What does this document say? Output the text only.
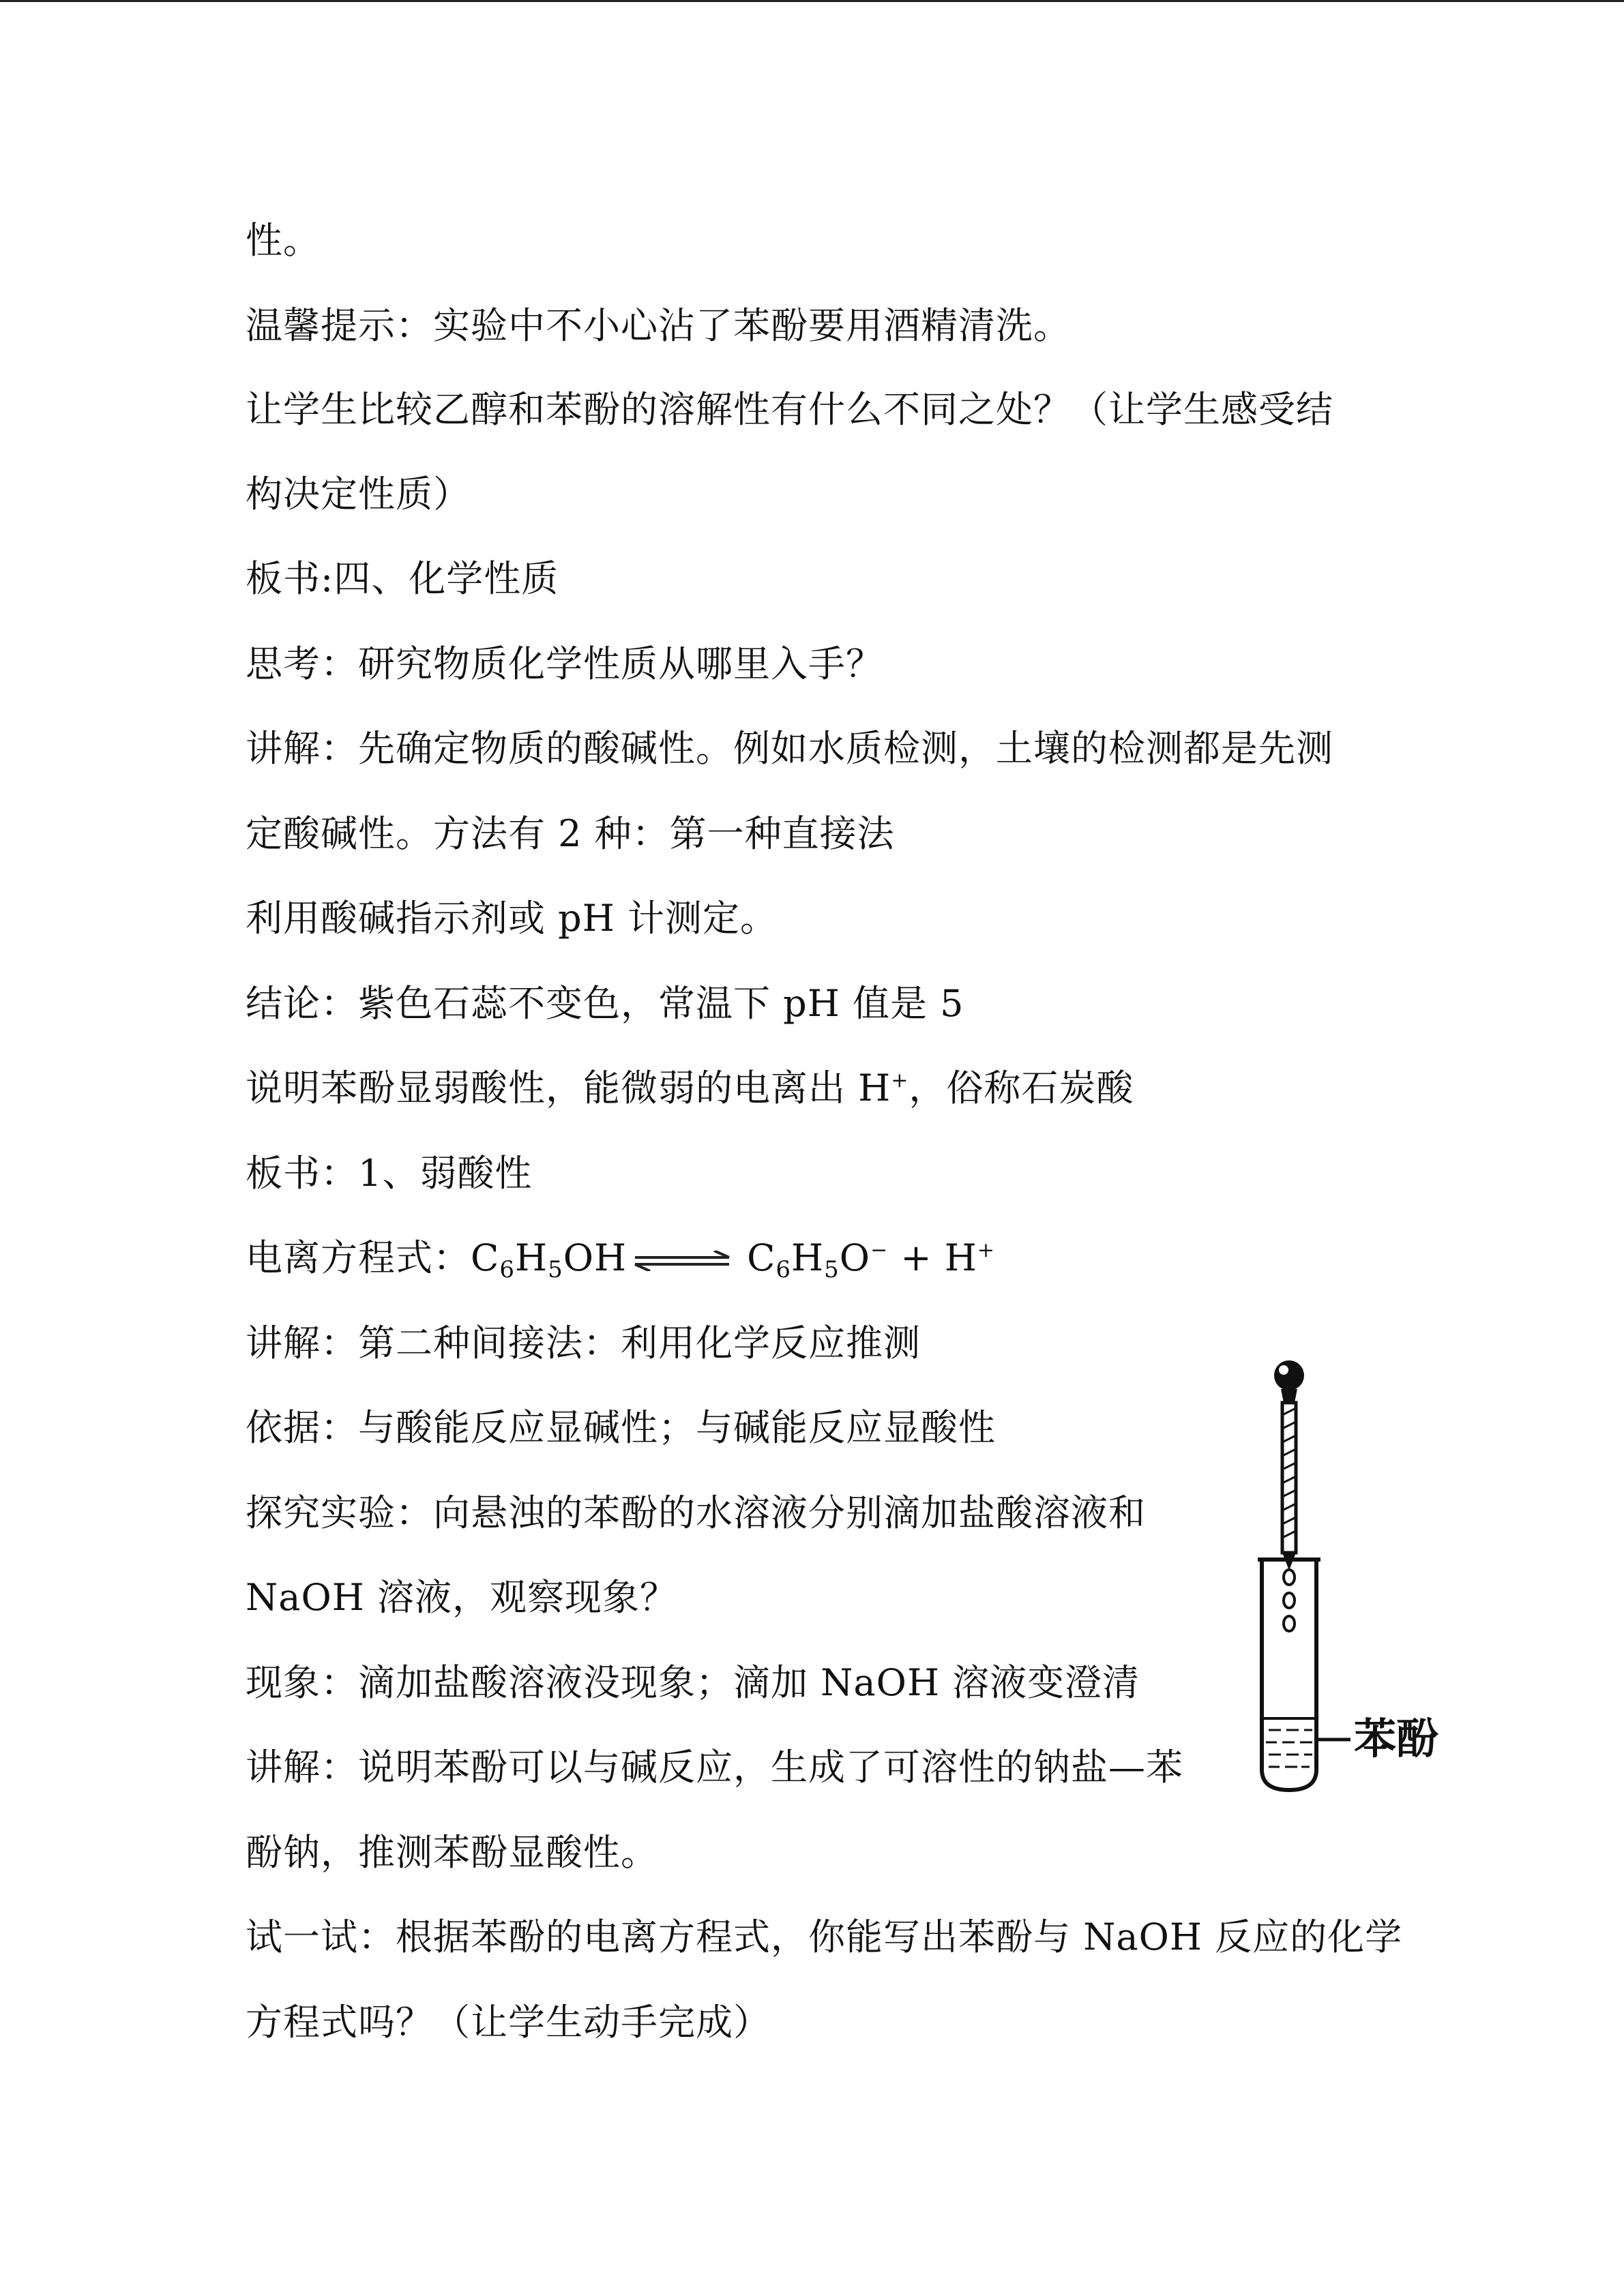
性。
温馨提示：实验中不小心沾了苯酚要用酒精清洗。
让学生比较乙醇和苯酚的溶解性有什么不同之处？（让学生感受结
构决定性质）
板书:四、化学性质
思考：研究物质化学性质从哪里入手？
讲解：先确定物质的酸碱性。例如水质检测，土壤的检测都是先测
定酸碱性。方法有 2 种：第一种直接法
利用酸碱指示剂或 pH 计测定。
结论：紫色石蕊不变色，常温下 pH 值是 5
说明苯酚显弱酸性，能微弱的电离出 H+，俗称石炭酸
板书：1、弱酸性
电离方程式：$C_6H_5OH$ ⇌ $C_6H_5O^- + H^+$
讲解：第二种间接法：利用化学反应推测
依据：与酸能反应显碱性；与碱能反应显酸性
探究实验：向悬浊的苯酚的水溶液分别滴加盐酸溶液和
NaOH 溶液，观察现象？
现象：滴加盐酸溶液没现象；滴加 NaOH 溶液变澄清
讲解：说明苯酚可以与碱反应，生成了可溶性的钠盐—苯
酚钠，推测苯酚显酸性。
试一试：根据苯酚的电离方程式，你能写出苯酚与 NaOH 反应的化学
方程式吗？（让学生动手完成）
苯酚
